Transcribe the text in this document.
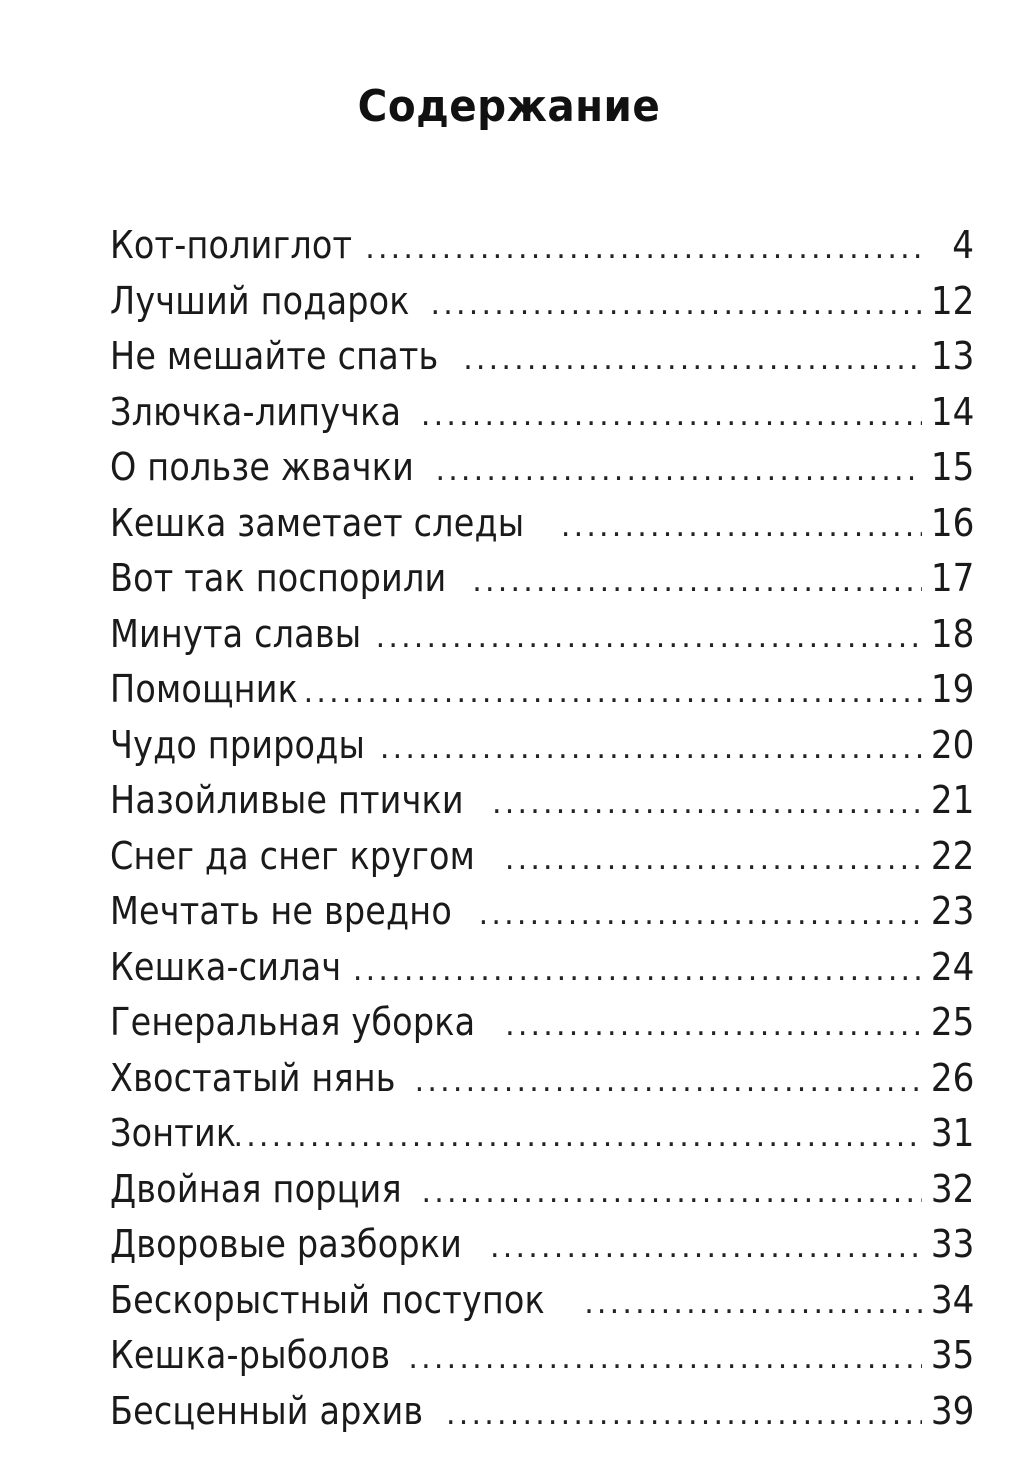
Содержание
Кот-полиглот .....	4
Лучший подарок .....	12
Не мешайте спать .....	13
Злючка-липучка .....	14
О пользе жвачки .....	15
Кешка заметает следы .....	16
Вот так поспорили .....	17
Минута славы .....	18
Помощник .....	19
Чудо природы .....	20
Назойливые птички .....	21
Снег да снег кругом .....	22
Мечтать не вредно .....	23
Кешка-силач .....	24
Генеральная уборка .....	25
Хвостатый нянь .....	26
Зонтик .....	31
Двойная порция .....	32
Дворовые разборки .....	33
Бескорыстный поступок .....	34
Кешка-рыболов .....	35
Бесценный архив .....	39
